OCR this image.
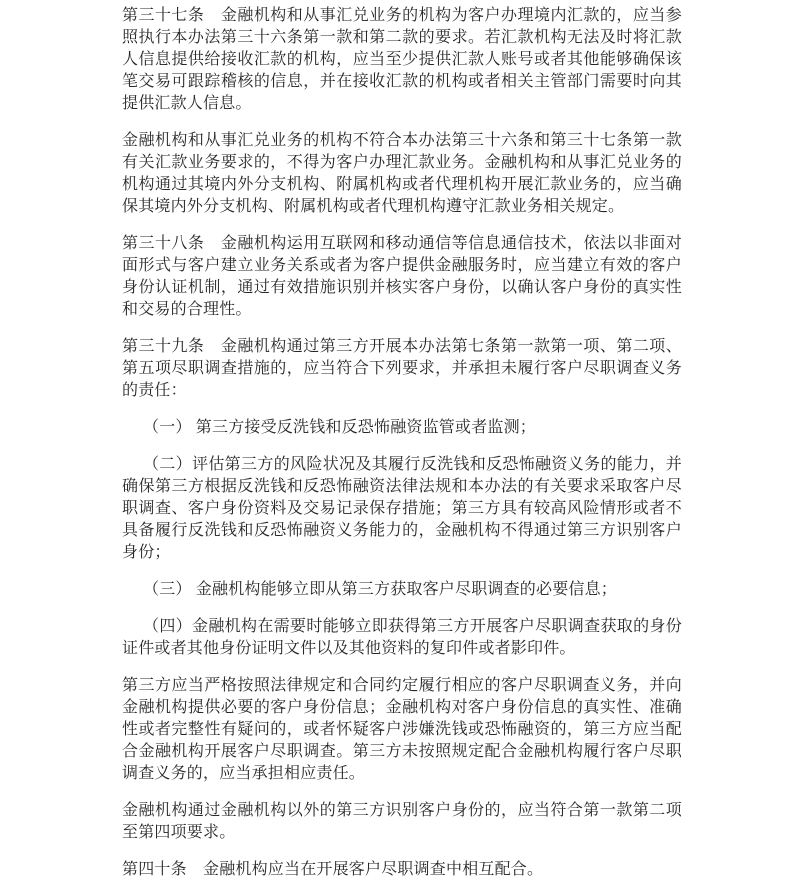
第三十七条　金融机构和从事汇兑业务的机构为客户办理境内汇款的，应当参照执行本办法第三十六条第一款和第二款的要求。若汇款机构无法及时将汇款人信息提供给接收汇款的机构，应当至少提供汇款人账号或者其他能够确保该笔交易可跟踪稽核的信息，并在接收汇款的机构或者相关主管部门需要时向其提供汇款人信息。

金融机构和从事汇兑业务的机构不符合本办法第三十六条和第三十七条第一款有关汇款业务要求的，不得为客户办理汇款业务。金融机构和从事汇兑业务的机构通过其境内外分支机构、附属机构或者代理机构开展汇款业务的，应当确保其境内外分支机构、附属机构或者代理机构遵守汇款业务相关规定。

第三十八条　金融机构运用互联网和移动通信等信息通信技术，依法以非面对面形式与客户建立业务关系或者为客户提供金融服务时，应当建立有效的客户身份认证机制，通过有效措施识别并核实客户身份，以确认客户身份的真实性和交易的合理性。

第三十九条　金融机构通过第三方开展本办法第七条第一款第一项、第二项、第五项尽职调查措施的，应当符合下列要求，并承担未履行客户尽职调查义务的责任：

（一） 第三方接受反洗钱和反恐怖融资监管或者监测；

（二）评估第三方的风险状况及其履行反洗钱和反恐怖融资义务的能力，并确保第三方根据反洗钱和反恐怖融资法律法规和本办法的有关要求采取客户尽职调查、客户身份资料及交易记录保存措施；第三方具有较高风险情形或者不具备履行反洗钱和反恐怖融资义务能力的，金融机构不得通过第三方识别客户身份；

（三） 金融机构能够立即从第三方获取客户尽职调查的必要信息；

（四）金融机构在需要时能够立即获得第三方开展客户尽职调查获取的身份证件或者其他身份证明文件以及其他资料的复印件或者影印件。

第三方应当严格按照法律规定和合同约定履行相应的客户尽职调查义务，并向金融机构提供必要的客户身份信息；金融机构对客户身份信息的真实性、准确性或者完整性有疑问的，或者怀疑客户涉嫌洗钱或恐怖融资的，第三方应当配合金融机构开展客户尽职调查。第三方未按照规定配合金融机构履行客户尽职调查义务的，应当承担相应责任。

金融机构通过金融机构以外的第三方识别客户身份的，应当符合第一款第二项至第四项要求。

第四十条　金融机构应当在开展客户尽职调查中相互配合。
